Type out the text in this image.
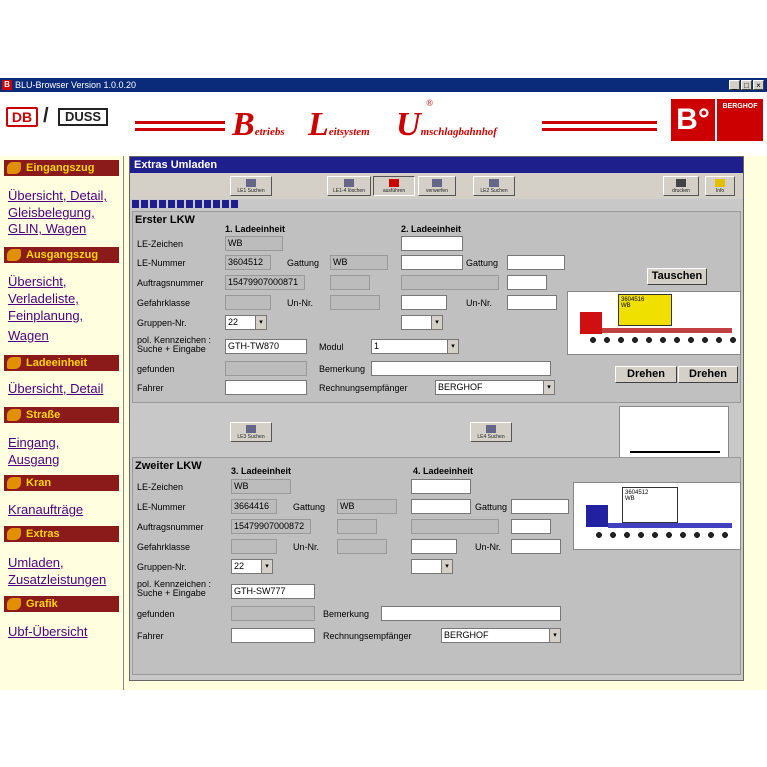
B BLU-Browser Version 1.0.0.20	_ □ ×
DB /	DUSS	Betriebs Leitsystem Umschlagbahnhof
®	B°	BERGHOF
Eingangszug
Übersicht, Detail,
Gleisbelegung,
GLIN, Wagen
Ausgangszug
Übersicht,
Verladeliste,
Feinplanung,
Wagen
Ladeeinheit
Übersicht, Detail
Straße
Eingang,
Ausgang
Kran
Kranaufträge
Extras
Umladen,
Zusatzleistungen
Grafik
Ubf-Übersicht
Extras Umladen
LE1 Suchen	LE1-4 löschen	ausführen	verwerfen	LE2 Suchen	drucken	Info
Erster LKW
1. Ladeeinheit	2. Ladeeinheit
LE-Zeichen	WB
LE-Nummer	3604512	Gattung	WB	Gattung
Auftragsnummer	15479907000871
Gefahrklasse	Un-Nr.	Un-Nr.
Gruppen-Nr.	22	▾	▾
pol. Kennzeichen :
Suche + Eingabe	GTH-TW870	Modul	1	▾
gefunden	Bemerkung
Fahrer	Rechnungsempfänger	BERGHOF	▾
Tauschen
3604516
WB
Drehen	Drehen
LE3 Suchen	LE4 Suchen
Zweiter LKW	3. Ladeeinheit	4. Ladeeinheit
LE-Zeichen	WB
LE-Nummer	3664416	Gattung	WB	Gattung
Auftragsnummer	15479907000872
Gefahrklasse	Un-Nr.	Un-Nr.
Gruppen-Nr.	22	▾	▾
pol. Kennzeichen :
Suche + Eingabe	GTH-SW777
gefunden	Bemerkung
Fahrer	Rechnungsempfänger	BERGHOF	▾
3604512
WB
